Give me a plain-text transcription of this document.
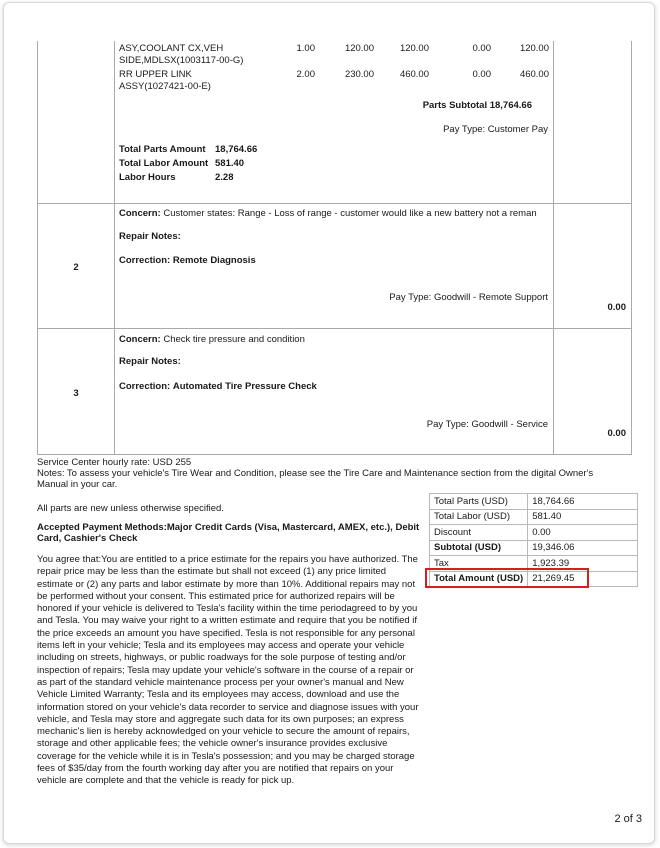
ASY,COOLANT CX,VEH SIDE,MDLSX(1003117-00-G)
1.00	120.00	120.00	0.00	120.00
RR UPPER LINK ASSY(1027421-00-E)
2.00	230.00	460.00	0.00	460.00
Parts Subtotal 18,764.66
Pay Type: Customer Pay
Total Parts Amount 18,764.66
Total Labor Amount 581.40
Labor Hours	2.28
2
Concern: Customer states: Range - Loss of range - customer would like a new battery not a reman
Repair Notes:
Correction: Remote Diagnosis
Pay Type: Goodwill - Remote Support
0.00
3
Concern: Check tire pressure and condition
Repair Notes:
Correction: Automated Tire Pressure Check
Pay Type: Goodwill - Service
0.00
Service Center hourly rate: USD 255
Notes: To assess your vehicle's Tire Wear and Condition, please see the Tire Care and Maintenance section from the digital Owner's
Manual in your car.
All parts are new unless otherwise specified.
Accepted Payment Methods:Major Credit Cards (Visa, Mastercard, AMEX, etc.), Debit
Card, Cashier's Check
You agree that:You are entitled to a price estimate for the repairs you have authorized. The
repair price may be less than the estimate but shall not exceed (1) any price limited
estimate or (2) any parts and labor estimate by more than 10%. Additional repairs may not
be performed without your consent. This estimated price for authorized repairs will be
honored if your vehicle is delivered to Tesla's facility within the time periodagreed to by you
and Tesla. You may waive your right to a written estimate and require that you be notified if
the price exceeds an amount you have specified. Tesla is not responsible for any personal
items left in your vehicle; Tesla and its employees may access and operate your vehicle
including on streets, highways, or public roadways for the sole purpose of testing and/or
inspection of repairs; Tesla may update your vehicle's software in the course of a repair or
as part of the standard vehicle maintenance process per your owner's manual and New
Vehicle Limited Warranty; Tesla and its employees may access, download and use the
information stored on your vehicle's data recorder to service and diagnose issues with your
vehicle, and Tesla may store and aggregate such data for its own purposes; an express
mechanic's lien is hereby acknowledged on your vehicle to secure the amount of repairs,
storage and other applicable fees; the vehicle owner's insurance provides exclusive
coverage for the vehicle while it is in Tesla's possession; and you may be charged storage
fees of $35/day from the fourth working day after you are notified that repairs on your
vehicle are complete and that the vehicle is ready for pick up.
Total Parts (USD)	18,764.66
Total Labor (USD)	581.40
Discount	0.00
Subtotal (USD)	19,346.06
Tax	1,923.39
Total Amount (USD)	21,269.45
2 of 3
